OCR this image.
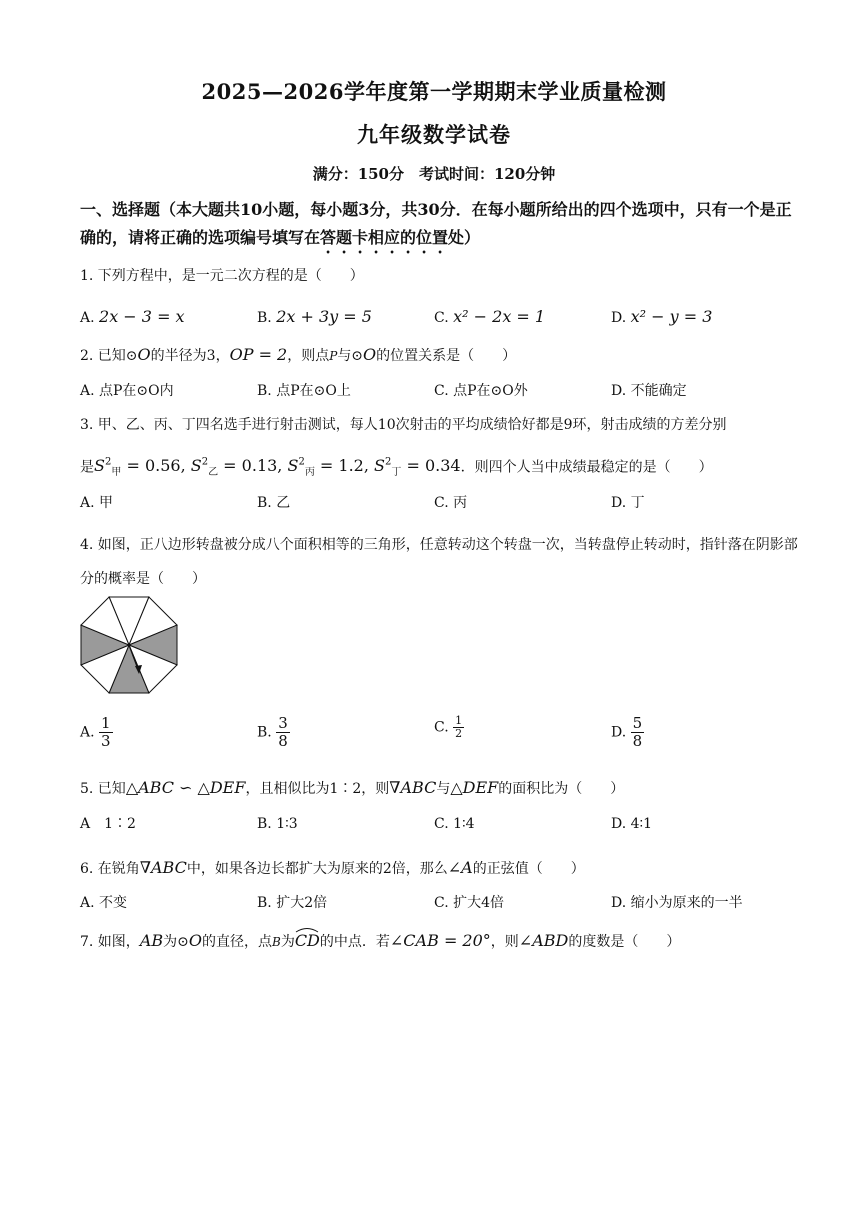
2025—2026学年度第一学期期末学业质量检测
九年级数学试卷
满分：150分　考试时间：120分钟
一、选择题（本大题共10小题，每小题3分，共30分．在每小题所给出的四个选项中，只有一个是正确的，请将正确的选项编号填写在答题卡相应的位置处）
1. 下列方程中，是一元二次方程的是（　　）
A. 2x − 3 = x	B. 2x + 3y = 5	C. x² − 2x = 1	D. x² − y = 3
2. 已知⊙O的半径为3，OP = 2，则点P与⊙O的位置关系是（　　）
A. 点P在⊙O内	B. 点P在⊙O上	C. 点P在⊙O外	D. 不能确定
3. 甲、乙、丙、丁四名选手进行射击测试，每人10次射击的平均成绩恰好都是9环，射击成绩的方差分别
是$S^2_甲 = 0.56$, $S^2_乙 = 0.13$, $S^2_丙 = 1.2$, $S^2_丁 = 0.34$．则四个人当中成绩最稳定的是（　　）
A. 甲	B. 乙	C. 丙	D. 丁
4. 如图，正八边形转盘被分成八个面积相等的三角形，任意转动这个转盘一次，当转盘停止转动时，指针落在阴影部分的概率是（　　）
A. $\frac{1}{3}$	B. $\frac{3}{8}$	C. $\frac{1}{2}$	D. $\frac{5}{8}$
5. 已知△ABC ∽ △DEF，且相似比为1∶2，则∇ABC与△DEF的面积比为（　　）
A　1∶2	B. 1∶3	C. 1∶4	D. 4∶1
6. 在锐角∇ABC中，如果各边长都扩大为原来的2倍，那么∠A的正弦值（　　）
A. 不变	B. 扩大2倍	C. 扩大4倍	D. 缩小为原来的一半
7. 如图，AB为⊙O的直径，点B为CD
的中点．若∠CAB = 20°，则∠ABD的度数是（　　）
